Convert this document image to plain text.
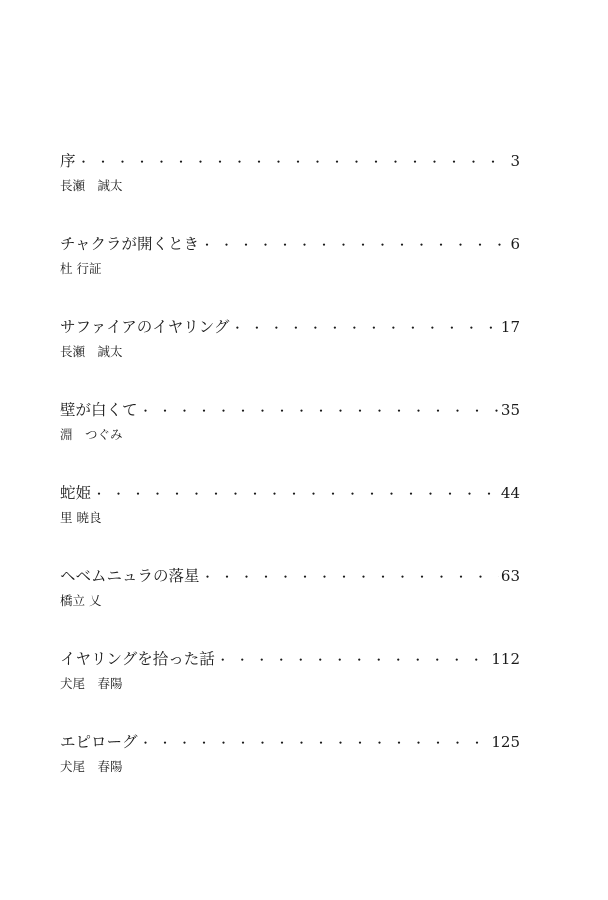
序 ・・・・・・・・・・・・・・・・・・・・・・・・・・・・・・・・・・・・・・・・・・・	3
長瀬　誠太
チャクラが開くとき ・・・・・・・・・・・・・・・・・・・・・・・・・・・・・・・・・・・・・・・・・・・	6
杜 行証
サファイアのイヤリング ・・・・・・・・・・・・・・・・・・・・・・・・・・・・・・・・・・・・・・・・・・・	17
長瀬　誠太
壁が白くて ・・・・・・・・・・・・・・・・・・・・・・・・・・・・・・・・・・・・・・・・・・・	35
淵　つぐみ
蛇姫 ・・・・・・・・・・・・・・・・・・・・・・・・・・・・・・・・・・・・・・・・・・・	44
里 暁良
ヘベムニュラの落星 ・・・・・・・・・・・・・・・・・・・・・・・・・・・・・・・・・・・・・・・・・・・	63
橋立 乂
イヤリングを拾った話 ・・・・・・・・・・・・・・・・・・・・・・・・・・・・・・・・・・・・・・・・・・・	112
犬尾　春陽
エピローグ ・・・・・・・・・・・・・・・・・・・・・・・・・・・・・・・・・・・・・・・・・・・	125
犬尾　春陽
